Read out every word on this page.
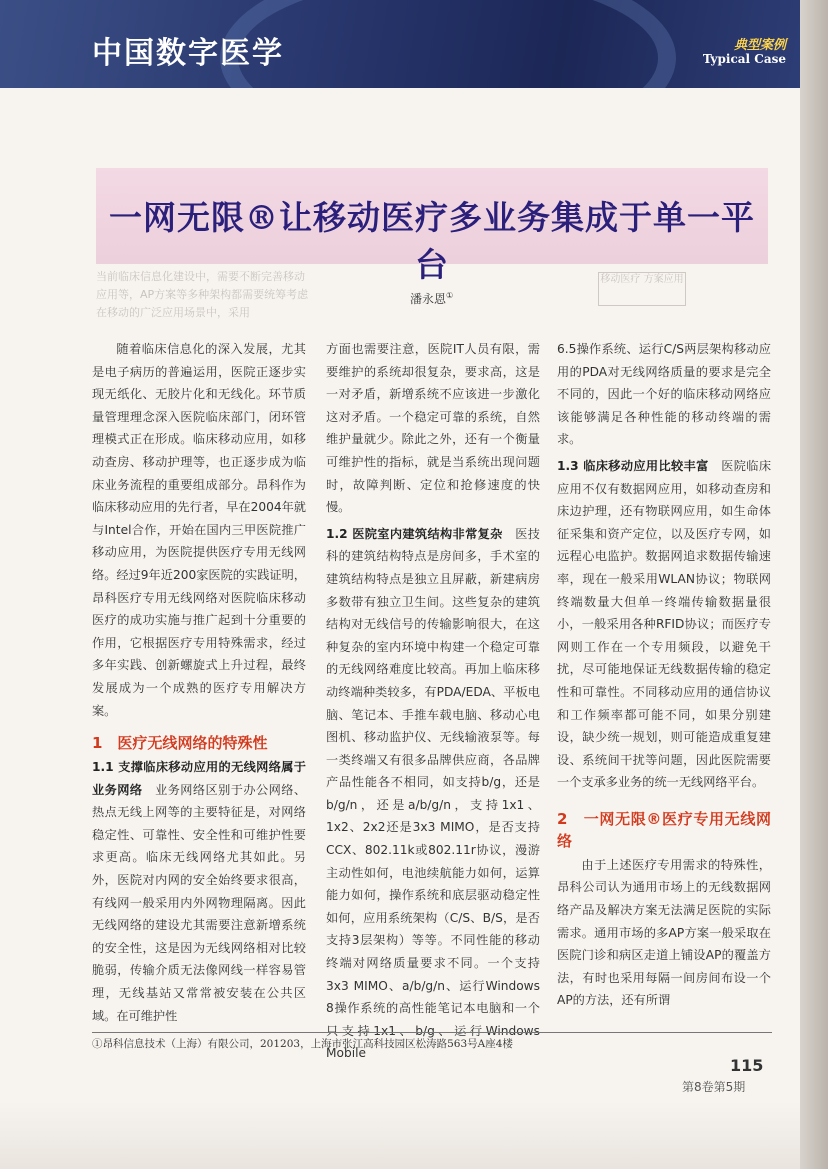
中国数字医学	典型案例
Typical Case
一网无限®让移动医疗多业务集成于单一平台
当前临床信息化建设中，需要不断完善移动
应用等，AP方案等多种架构都需要统筹考虑
在移动的广泛应用场景中，采用
移动医疗 方案应用
潘永恩①

随着临床信息化的深入发展，尤其是电子病历的普遍运用，医院正逐步实现无纸化、无胶片化和无线化。环节质量管理理念深入医院临床部门，闭环管理模式正在形成。临床移动应用，如移动查房、移动护理等，也正逐步成为临床业务流程的重要组成部分。昂科作为临床移动应用的先行者，早在2004年就与Intel合作，开始在国内三甲医院推广移动应用，为医院提供医疗专用无线网络。经过9年近200家医院的实践证明，昂科医疗专用无线网络对医院临床移动医疗的成功实施与推广起到十分重要的作用，它根据医疗专用特殊需求，经过多年实践、创新螺旋式上升过程，最终发展成为一个成熟的医疗专用解决方案。

1　医疗无线网络的特殊性

1.1 支撑临床移动应用的无线网络属于业务网络　 业务网络区别于办公网络、热点无线上网等的主要特征是，对网络稳定性、可靠性、安全性和可维护性要求更高。临床无线网络尤其如此。另外，医院对内网的安全始终要求很高，有线网一般采用内外网物理隔离。因此无线网络的建设尤其需要注意新增系统的安全性，这是因为无线网络相对比较脆弱，传输介质无法像网线一样容易管理，无线基站又常常被安装在公共区域。在可维护性

方面也需要注意，医院IT人员有限，需要维护的系统却很复杂，要求高，这是一对矛盾，新增系统不应该进一步激化这对矛盾。一个稳定可靠的系统，自然维护量就少。除此之外，还有一个衡量可维护性的指标，就是当系统出现问题时，故障判断、定位和抢修速度的快慢。

1.2 医院室内建筑结构非常复杂　 医技科的建筑结构特点是房间多，手术室的建筑结构特点是独立且屏蔽，新建病房多数带有独立卫生间。这些复杂的建筑结构对无线信号的传输影响很大，在这种复杂的室内环境中构建一个稳定可靠的无线网络难度比较高。再加上临床移动终端种类较多，有PDA/EDA、平板电脑、笔记本、手推车载电脑、移动心电图机、移动监护仪、无线输液泵等。每一类终端又有很多品牌供应商，各品牌产品性能各不相同，如支持b/g，还是b/g/n，还是a/b/g/n，支持1x1、1x2、2x2还是3x3 MIMO，是否支持CCX、802.11k或802.11r协议，漫游主动性如何，电池续航能力如何，运算能力如何，操作系统和底层驱动稳定性如何，应用系统架构（C/S、B/S，是否支持3层架构）等等。不同性能的移动终端对网络质量要求不同。一个支持3x3 MIMO、a/b/g/n、运行Windows 8操作系统的高性能笔记本电脑和一个只支持1x1、b/g、运行Windows Mobile

6.5操作系统、运行C/S两层架构移动应用的PDA对无线网络质量的要求是完全不同的，因此一个好的临床移动网络应该能够满足各种性能的移动终端的需求。

1.3 临床移动应用比较丰富　 医院临床应用不仅有数据网应用，如移动查房和床边护理，还有物联网应用，如生命体征采集和资产定位，以及医疗专网，如远程心电监护。数据网追求数据传输速率，现在一般采用WLAN协议；物联网终端数量大但单一终端传输数据量很小，一般采用各种RFID协议；而医疗专网则工作在一个专用频段，以避免干扰，尽可能地保证无线数据传输的稳定性和可靠性。不同移动应用的通信协议和工作频率都可能不同，如果分别建设，缺少统一规划，则可能造成重复建设、系统间干扰等问题，因此医院需要一个支承多业务的统一无线网络平台。

2　一网无限®医疗专用无线网络

由于上述医疗专用需求的特殊性，昂科公司认为通用市场上的无线数据网络产品及解决方案无法满足医院的实际需求。通用市场的多AP方案一般采取在医院门诊和病区走道上铺设AP的覆盖方法，有时也采用每隔一间房间布设一个AP的方法，还有所谓

①昂科信息技术（上海）有限公司，201203，上海市张江高科技园区松涛路563号A座4楼
115
第8卷第5期
